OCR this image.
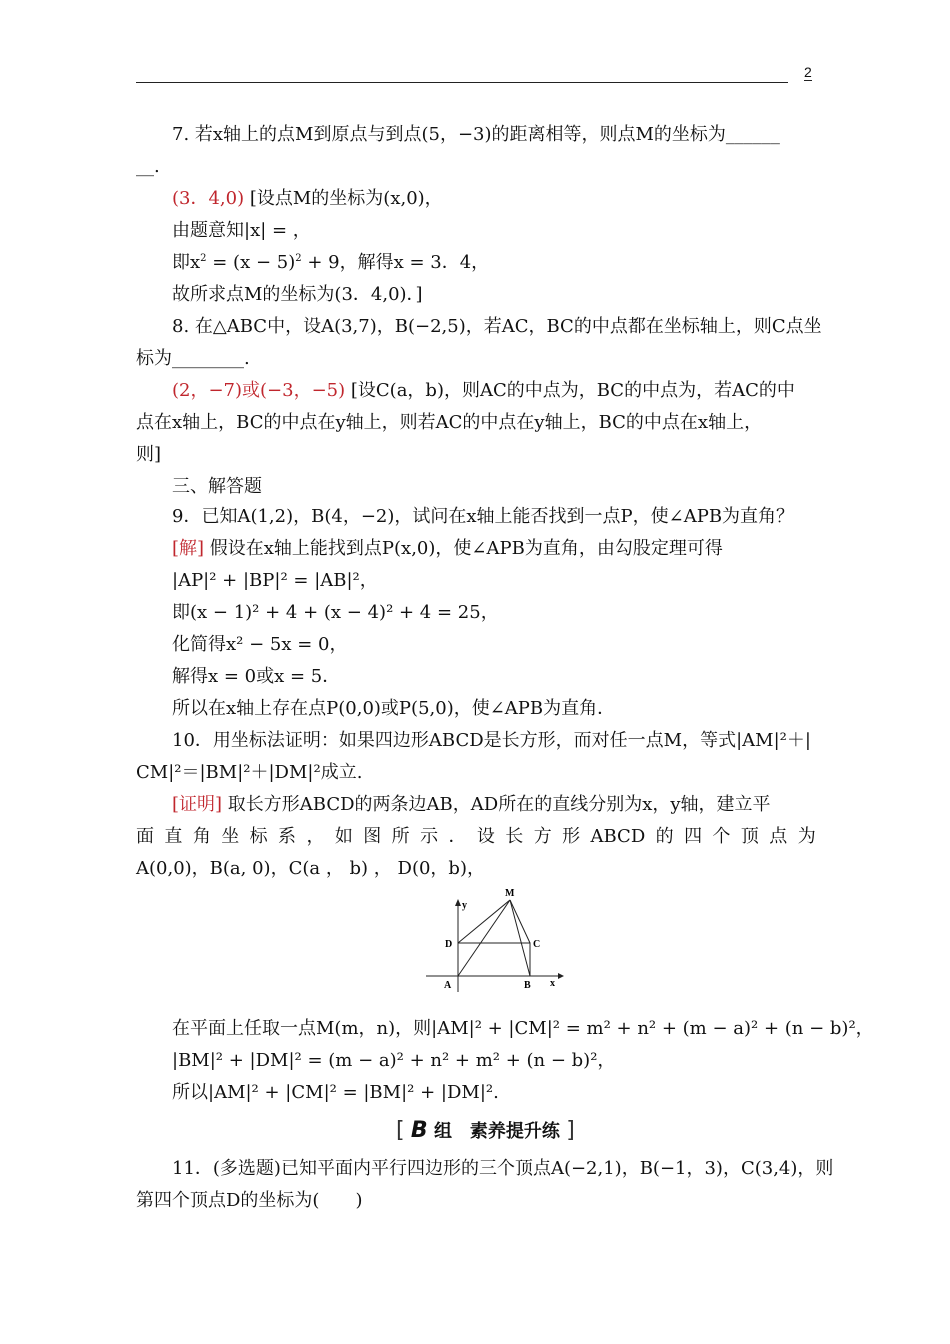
2
7. 若x轴上的点M到原点与到点(5，−3)的距离相等，则点M的坐标为______
__.
(3．4,0) [设点M的坐标为(x,0)，
由题意知|x| = ，
即$x^2 = (x - 5)^2 + 9$，解得x = 3．4，
故所求点M的坐标为(3．4,0)．]
8. 在△ABC中，设A(3,7)，B(−2,5)，若AC，BC的中点都在坐标轴上，则C点坐
标为________.
(2，−7)或(−3，−5) [设C(a，b)，则AC的中点为，BC的中点为，若AC的中
点在x轴上，BC的中点在y轴上，则若AC的中点在y轴上，BC的中点在x轴上，
则]
三、解答题
9．已知A(1,2)，B(4，−2)，试问在x轴上能否找到一点P，使∠APB为直角？
[解] 假设在x轴上能找到点P(x,0)，使∠APB为直角，由勾股定理可得
|AP|² + |BP|² = |AB|²，
即(x − 1)² + 4 + (x − 4)² + 4 = 25，
化简得x² − 5x = 0，
解得x = 0或x = 5．
所以在x轴上存在点P(0,0)或P(5,0)，使∠APB为直角．
10．用坐标法证明：如果四边形ABCD是长方形，而对任一点M，等式|AM|²＋|
CM|²＝|BM|²＋|DM|²成立.
[证明] 取长方形ABCD的两条边AB，AD所在的直线分别为x，y轴，建立平
面 直 角 坐 标 系 ， 如 图 所 示 ． 设 长 方 形 ABCD 的 四 个 顶 点 为
A(0,0)，B(a, 0)，C(a ， b) ， D(0，b)，
M
y
D	C
A	B x
在平面上任取一点M(m，n)，则|AM|² + |CM|² = m² + n² + (m − a)² + (n − b)²，
|BM|² + |DM|² = (m − a)² + n² + m² + (n − b)²，
所以|AM|² + |CM|² = |BM|² + |DM|².
[ B 组　素养提升练 ]
11．(多选题)已知平面内平行四边形的三个顶点A(−2,1)，B(−1，3)，C(3,4)，则
第四个顶点D的坐标为(　　)
